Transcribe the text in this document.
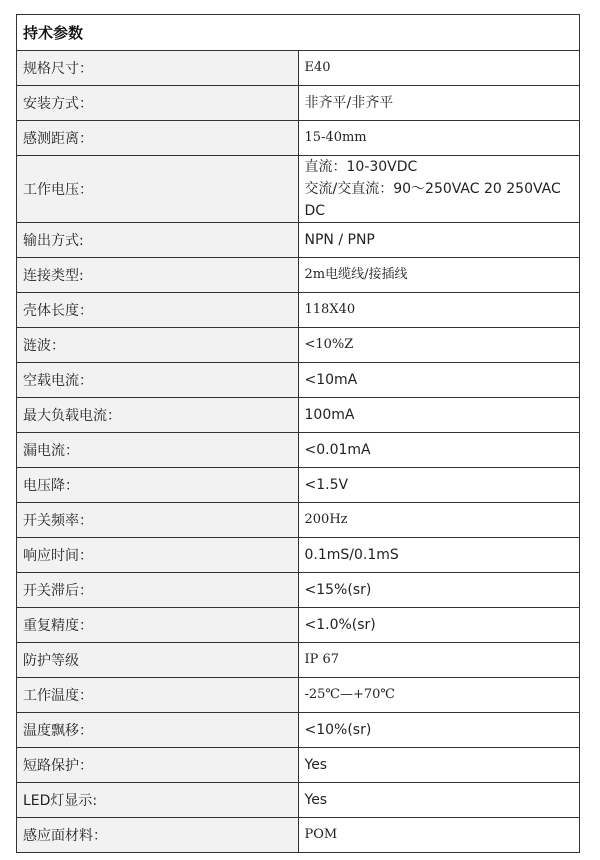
持术参数	
规格尺寸：	E40

安装方式：	非齐平/非齐平

感测距离：	15-40mm

工作电压：	直流：10-30VDC
交流/交直流：90～250VAC 20 250VAC DC

输出方式:	NPN / PNP

连接类型:	2m电缆线/接插线

壳体长度：	118X40

涟波：	<10%Z

空载电流：	<10mA

最大负载电流：	100mA

漏电流：	<0.01mA

电压降：	<1.5V

开关频率：	200Hz

响应时间：	0.1mS/0.1mS

开关滞后：	<15%(sr)

重复精度：	<1.0%(sr)

防护等级	IP 67

工作温度：	-25℃—+70℃

温度飘移：	<10%(sr)

短路保护：	Yes

LED灯显示:	Yes

感应面材料：	POM
